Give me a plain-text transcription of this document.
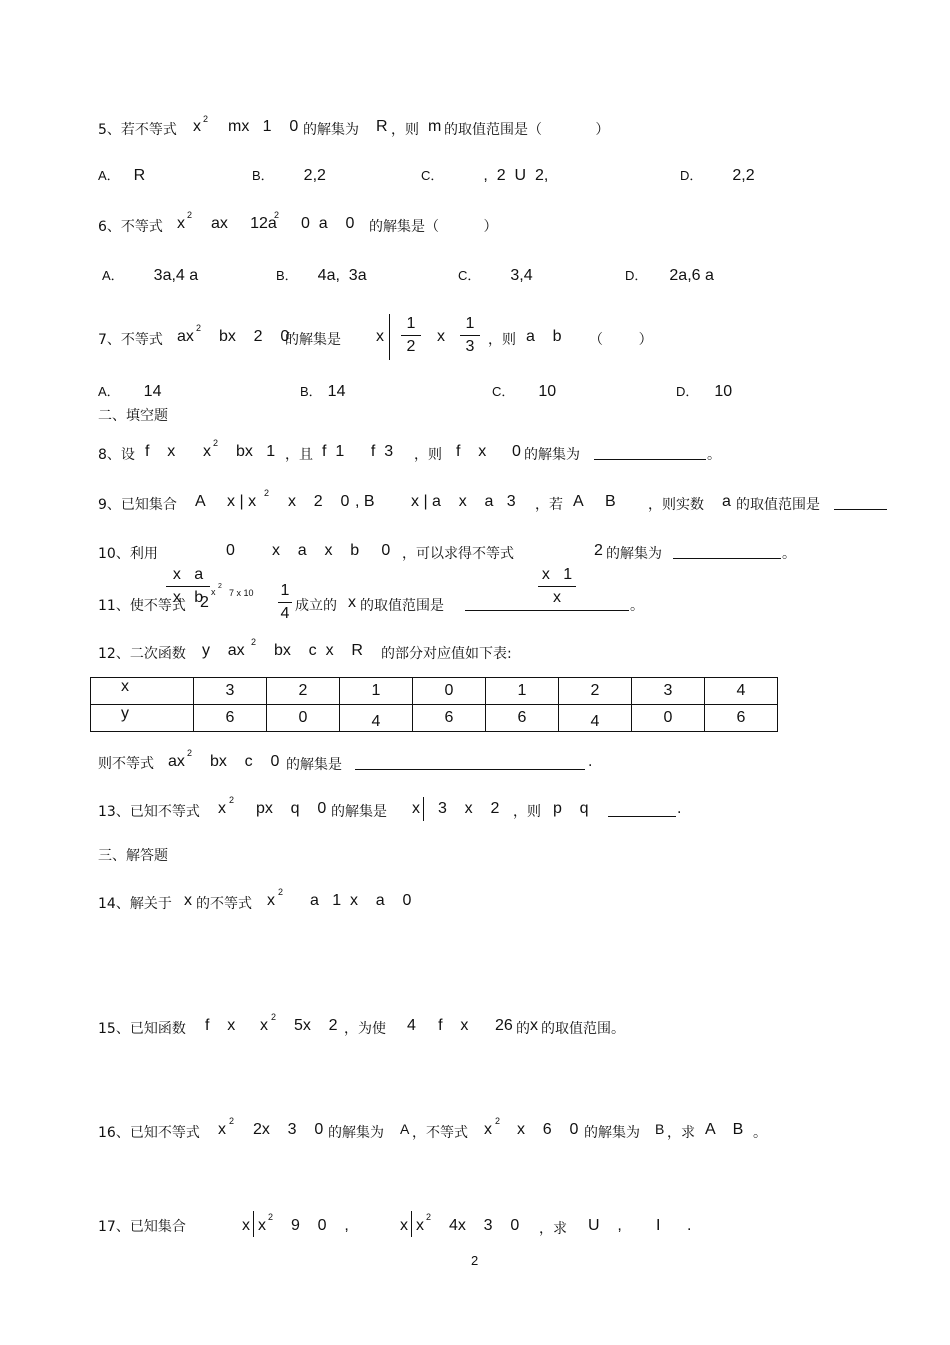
5、若不等式 x 2 mx   1    0 的解集为 R ，则 m 的取值范围是（            ）
A． R	B． 2,2	C．	,  2  U  2,	D． 2,2
6、不等式 x 2 ax     12a
2 0  a    0 的解集是（          ）
A． 3a,4 a	B． 4a,  3a	C． 3,4	D． 2a,6 a
7、不等式 ax 2 bx    2    0
的解集是 x
1
2
x
1
3 ，则 a    b （        ）
A． 14	B． 14	C． 10	D． 10
二、填空题
8、设 f    x x 2 bx   1 ，且 f  1      f  3 ，则 f    x 0 的解集为	。
9、已知集合 A     x | x 2 x    2    0 , B x | a    x    a   3 ，若 A     B ，则实数 a 的取值范围是
10、利用

x   a
x   b

0 x    a    x    b     0 ，可以求得不等式

x   1
x

2 的解集为	。
11、使不等式 2
x
2
7 x 10 1
4 成立的 x 的取值范围是	。
12、二次函数 y    ax 2 bx    c  x    R 的部分对应值如下表:
x	3	2	1	0	1	2	3	4
y	6	0	4	6	6	4	0	6
则不等式 ax 2 bx    c    0 的解集是	.
13、已知不等式 x 2 px    q    0 的解集是 x 3    x    2 ，则 p    q	.
三、解答题
14、解关于 x 的不等式 x 2 a   1  x    a    0
15、已知函数 f    x x 2 5x    2 ，为使 4     f    x      26 的 x 的取值范围。
16、已知不等式 x 2 2x    3    0 的解集为 A ，不等式 x 2 x    6    0 的解集为 B ，求 A    B 。
17、已知集合	x x 2 9    0    ,	x x 2 4x    3    0 ，求 U    , I .
2
